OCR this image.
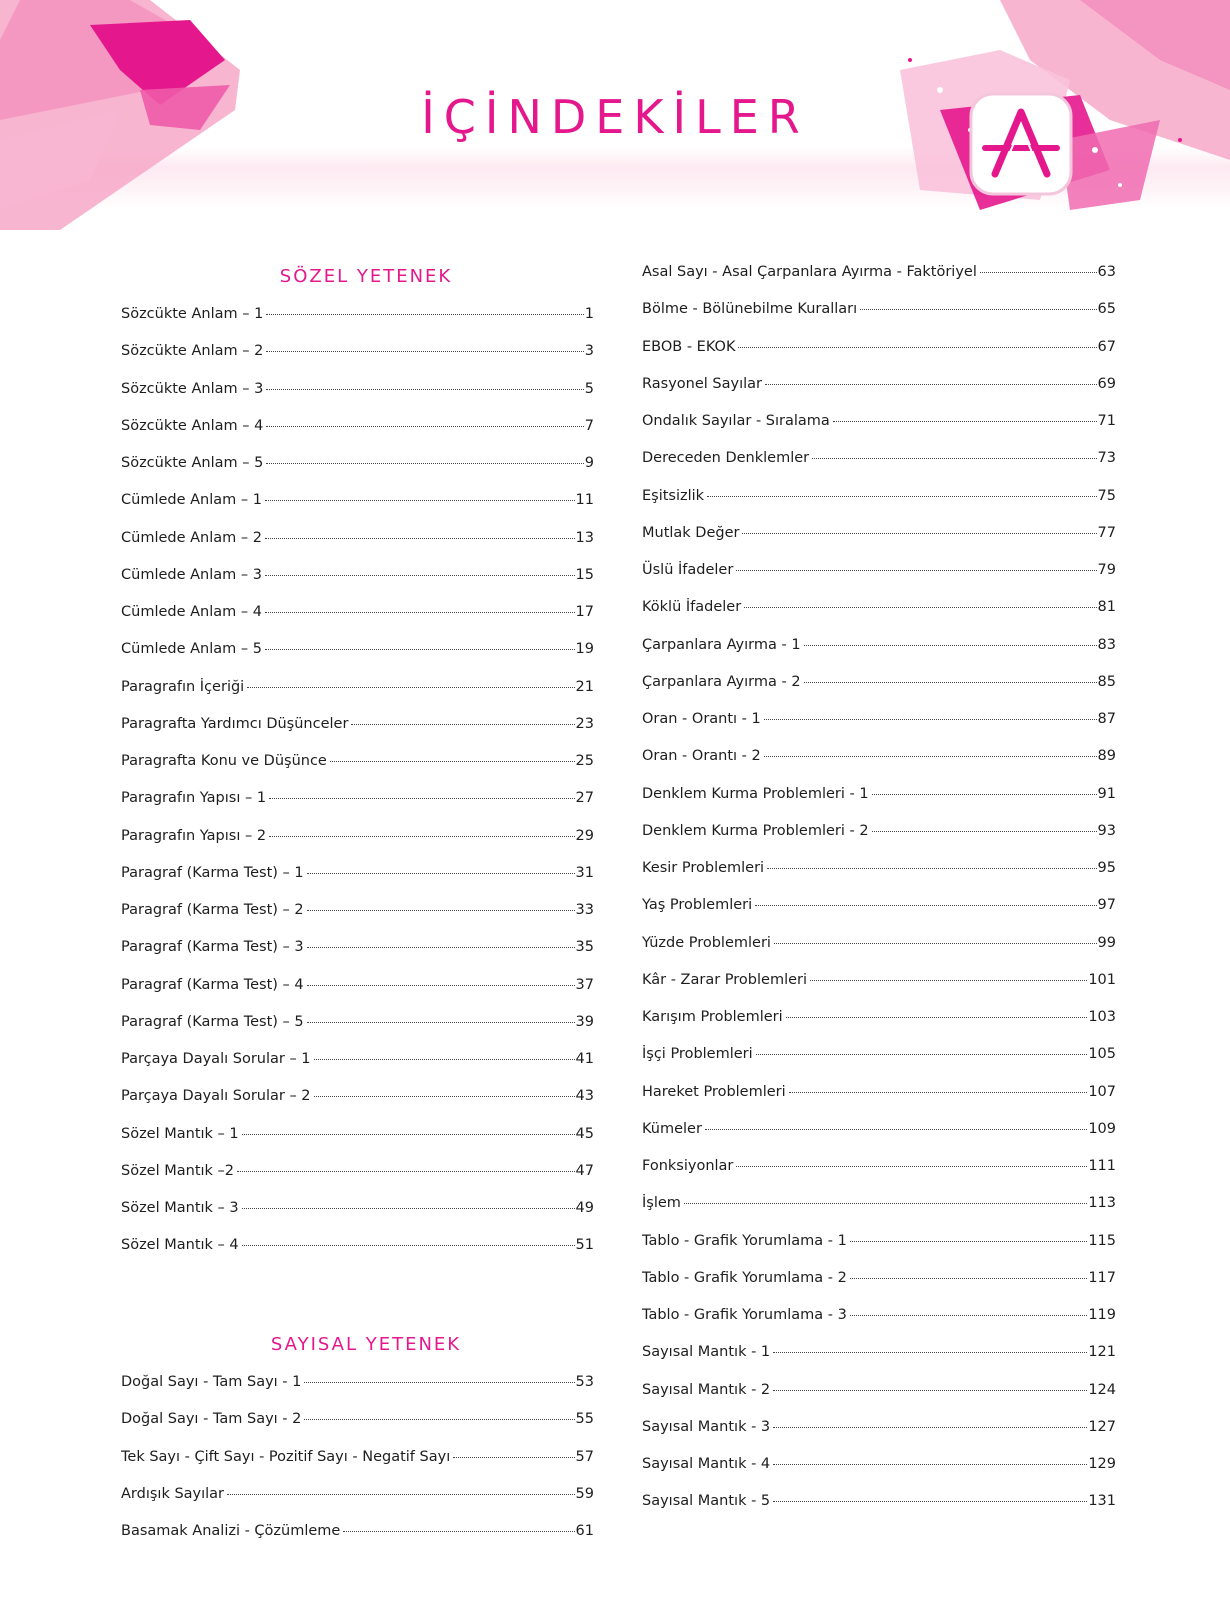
İÇİNDEKİLER
SÖZEL YETENEK
SAYISAL YETENEK
Sözcükte Anlam – 1	1
Sözcükte Anlam – 2	3
Sözcükte Anlam – 3	5
Sözcükte Anlam – 4	7
Sözcükte Anlam – 5	9
Cümlede Anlam – 1	11
Cümlede Anlam – 2	13
Cümlede Anlam – 3	15
Cümlede Anlam – 4	17
Cümlede Anlam – 5	19
Paragrafın İçeriği	21
Paragrafta Yardımcı Düşünceler	23
Paragrafta Konu ve Düşünce	25
Paragrafın Yapısı – 1	27
Paragrafın Yapısı – 2	29
Paragraf (Karma Test) – 1	31
Paragraf (Karma Test) – 2	33
Paragraf (Karma Test) – 3	35
Paragraf (Karma Test) – 4	37
Paragraf (Karma Test) – 5	39
Parçaya Dayalı Sorular – 1	41
Parçaya Dayalı Sorular – 2	43
Sözel Mantık – 1	45
Sözel Mantık –2	47
Sözel Mantık – 3	49
Sözel Mantık – 4	51
Doğal Sayı - Tam Sayı - 1	53
Doğal Sayı - Tam Sayı - 2	55
Tek Sayı - Çift Sayı - Pozitif Sayı - Negatif Sayı	57
Ardışık Sayılar	59
Basamak Analizi - Çözümleme	61
Asal Sayı - Asal Çarpanlara Ayırma - Faktöriyel	63
Bölme - Bölünebilme Kuralları	65
EBOB - EKOK	67
Rasyonel Sayılar	69
Ondalık Sayılar - Sıralama	71
Dereceden Denklemler	73
Eşitsizlik	75
Mutlak Değer	77
Üslü İfadeler	79
Köklü İfadeler	81
Çarpanlara Ayırma - 1	83
Çarpanlara Ayırma - 2	85
Oran - Orantı - 1	87
Oran - Orantı - 2	89
Denklem Kurma Problemleri - 1	91
Denklem Kurma Problemleri - 2	93
Kesir Problemleri	95
Yaş Problemleri	97
Yüzde Problemleri	99
Kâr - Zarar Problemleri	101
Karışım Problemleri	103
İşçi Problemleri	105
Hareket Problemleri	107
Kümeler	109
Fonksiyonlar	111
İşlem	113
Tablo - Grafik Yorumlama - 1	115
Tablo - Grafik Yorumlama - 2	117
Tablo - Grafik Yorumlama - 3	119
Sayısal Mantık - 1	121
Sayısal Mantık - 2	124
Sayısal Mantık - 3	127
Sayısal Mantık - 4	129
Sayısal Mantık - 5	131
